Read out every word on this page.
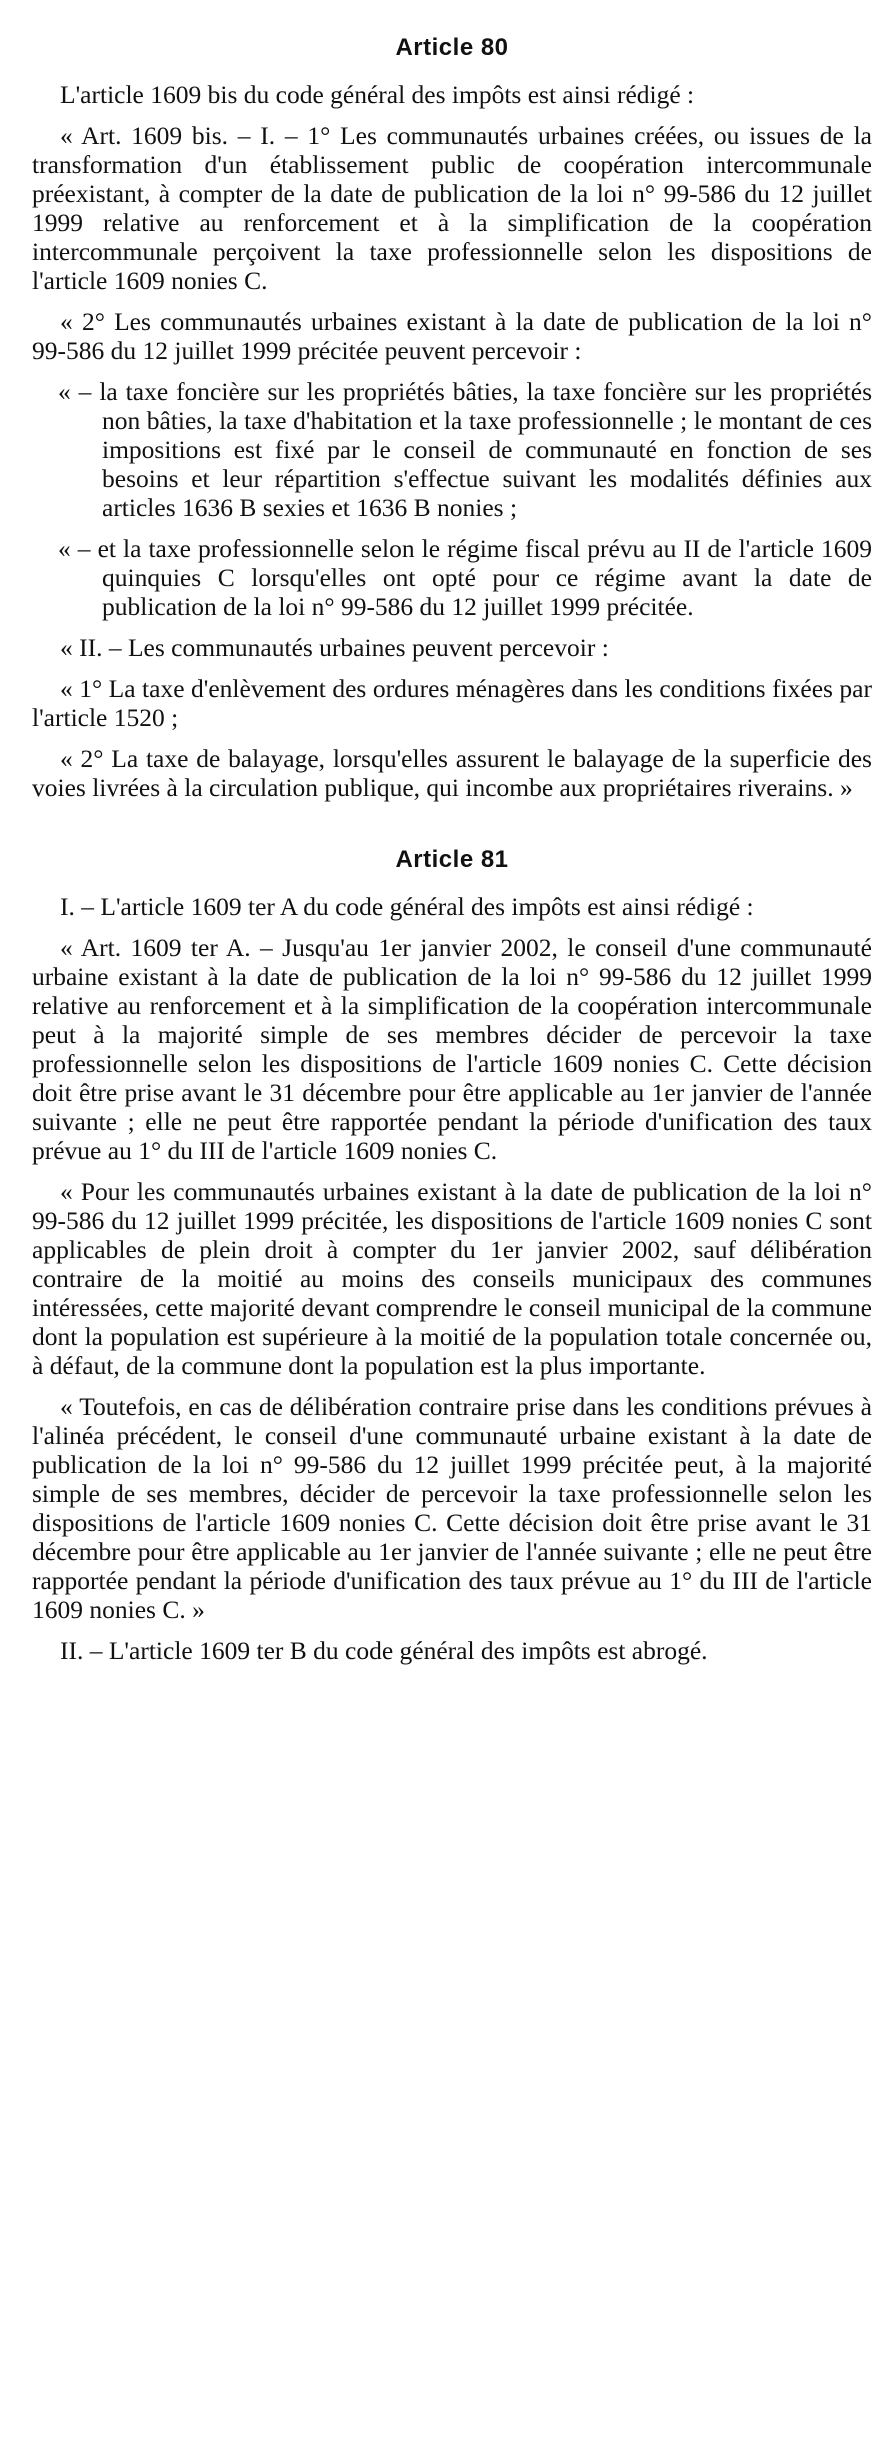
Article 80

L'article 1609 bis du code général des impôts est ainsi rédigé :

« Art. 1609 bis. – I. – 1° Les communautés urbaines créées, ou issues de la transformation d'un établissement public de coopération intercommunale préexistant, à compter de la date de publication de la loi n° 99-586 du 12 juillet 1999 relative au renforcement et à la simplification de la coopération intercommunale perçoivent la taxe professionnelle selon les dispositions de l'article 1609 nonies C.

« 2° Les communautés urbaines existant à la date de publication de la loi n° 99-586 du 12 juillet 1999 précitée peuvent percevoir :

« – la taxe foncière sur les propriétés bâties, la taxe foncière sur les propriétés non bâties, la taxe d'habitation et la taxe professionnelle ; le montant de ces impositions est fixé par le conseil de communauté en fonction de ses besoins et leur répartition s'effectue suivant les modalités définies aux articles 1636 B sexies et 1636 B nonies ;

« – et la taxe professionnelle selon le régime fiscal prévu au II de l'article 1609 quinquies C lorsqu'elles ont opté pour ce régime avant la date de publication de la loi n° 99-586 du 12 juillet 1999 précitée.

« II. – Les communautés urbaines peuvent percevoir :

« 1° La taxe d'enlèvement des ordures ménagères dans les conditions fixées par l'article 1520 ;

« 2° La taxe de balayage, lorsqu'elles assurent le balayage de la superficie des voies livrées à la circulation publique, qui incombe aux propriétaires riverains. »

Article 81

I. – L'article 1609 ter A du code général des impôts est ainsi rédigé :

« Art. 1609 ter A. – Jusqu'au 1er janvier 2002, le conseil d'une communauté urbaine existant à la date de publication de la loi n° 99-586 du 12 juillet 1999 relative au renforcement et à la simplification de la coopération intercommunale peut à la majorité simple de ses membres décider de percevoir la taxe professionnelle selon les dispositions de l'article 1609 nonies C. Cette décision doit être prise avant le 31 décembre pour être applicable au 1er janvier de l'année suivante ; elle ne peut être rapportée pendant la période d'unification des taux prévue au 1° du III de l'article 1609 nonies C.

« Pour les communautés urbaines existant à la date de publication de la loi n° 99-586 du 12 juillet 1999 précitée, les dispositions de l'article 1609 nonies C sont applicables de plein droit à compter du 1er janvier 2002, sauf délibération contraire de la moitié au moins des conseils municipaux des communes intéressées, cette majorité devant comprendre le conseil municipal de la commune dont la population est supérieure à la moitié de la population totale concernée ou, à défaut, de la commune dont la population est la plus importante.

« Toutefois, en cas de délibération contraire prise dans les conditions prévues à l'alinéa précédent, le conseil d'une communauté urbaine existant à la date de publication de la loi n° 99-586 du 12 juillet 1999 précitée peut, à la majorité simple de ses membres, décider de percevoir la taxe professionnelle selon les dispositions de l'article 1609 nonies C. Cette décision doit être prise avant le 31 décembre pour être applicable au 1er janvier de l'année suivante ; elle ne peut être rapportée pendant la période d'unification des taux prévue au 1° du III de l'article 1609 nonies C. »

II. – L'article 1609 ter B du code général des impôts est abrogé.
